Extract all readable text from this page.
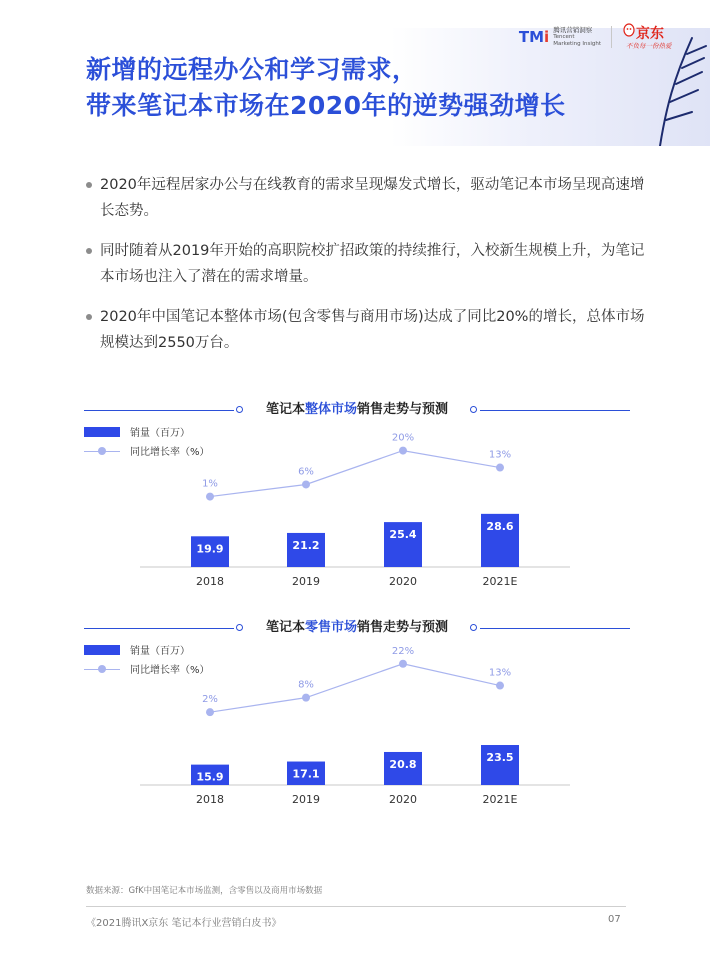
TMi 腾讯营销洞察
Tencent
Marketing Insight
京东
不负每一份热爱
新增的远程办公和学习需求，
带来笔记本市场在2020年的逆势强劲增长
2020年远程居家办公与在线教育的需求呈现爆发式增长，驱动笔记本市场呈现高速增长态势。
同时随着从2019年开始的高职院校扩招政策的持续推行，入校新生规模上升，为笔记本市场也注入了潜在的需求增量。
2020年中国笔记本整体市场(包含零售与商用市场)达成了同比20%的增长，总体市场规模达到2550万台。
笔记本整体市场销售走势与预测
销量（百万）
同比增长率（%）
19.9	21.2
25.4
28.6
2018	2019	2020	2021E
1%
6%
20%
13%
笔记本零售市场销售走势与预测
销量（百万）
同比增长率（%）
15.9	17.1
20.8
23.5
2018	2019	2020	2021E
2%
8%
22%
13%
数据来源：GfK中国笔记本市场监测，含零售以及商用市场数据
《2021腾讯X京东 笔记本行业营销白皮书》	07
